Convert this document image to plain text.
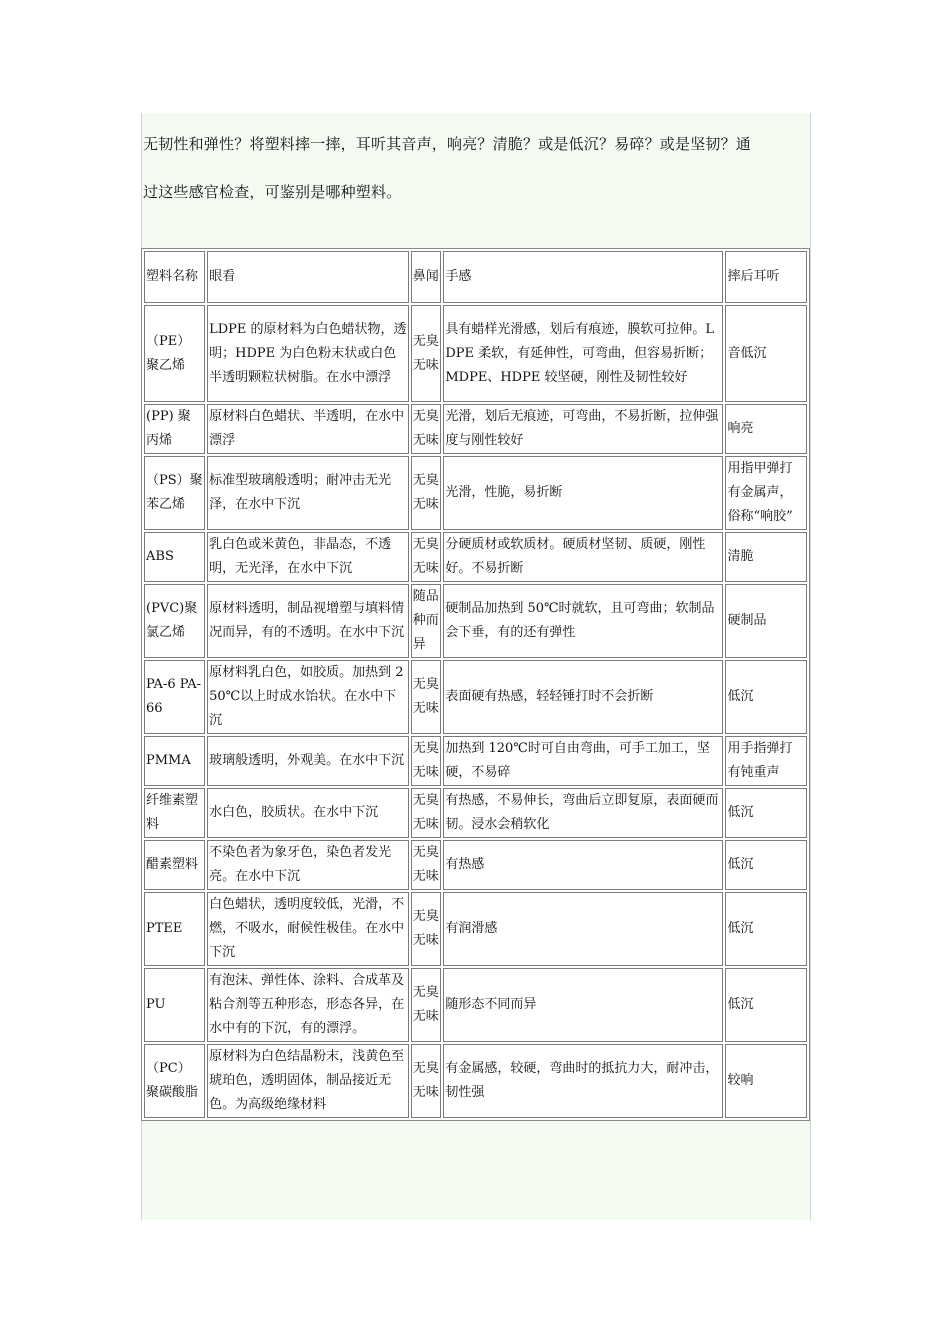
无韧性和弹性？将塑料摔一摔，耳听其音声，响亮？清脆？或是低沉？易碎？或是坚韧？通

过这些感官检查，可鉴别是哪种塑料。

塑料名称	眼看	鼻闻	手感	摔后耳听
（PE）聚乙烯	LDPE 的原材料为白色蜡状物，透明；HDPE 为白色粉末状或白色半透明颗粒状树脂。在水中漂浮	无臭无味	具有蜡样光滑感，划后有痕迹，膜软可拉伸。LDPE 柔软，有延伸性，可弯曲，但容易折断；MDPE、HDPE 较坚硬，刚性及韧性较好	音低沉
(PP) 聚丙烯	原材料白色蜡状、半透明，在水中漂浮	无臭无味	光滑，划后无痕迹，可弯曲，不易折断，拉伸强度与刚性较好	响亮
（PS）聚苯乙烯	标准型玻璃般透明；耐冲击无光泽，在水中下沉	无臭无味	光滑，性脆，易折断	用指甲弹打有金属声，俗称“响胶”
ABS	乳白色或米黄色，非晶态，不透明，无光泽，在水中下沉	无臭无味	分硬质材或软质材。硬质材坚韧、质硬，刚性好。不易折断	清脆
(PVC)聚氯乙烯	原材料透明，制品视增塑与填料情况而异，有的不透明。在水中下沉	随品种而异	硬制品加热到 50℃时就软，且可弯曲；软制品会下垂，有的还有弹性	硬制品
PA-6 PA-66	原材料乳白色，如胶质。加热到 250℃以上时成水饴状。在水中下沉	无臭无味	表面硬有热感，轻轻锤打时不会折断	低沉
PMMA	玻璃般透明，外观美。在水中下沉	无臭无味	加热到 120℃时可自由弯曲，可手工加工，坚硬，不易碎	用手指弹打有钝重声
纤维素塑料	水白色，胶质状。在水中下沉	无臭无味	有热感，不易伸长，弯曲后立即复原，表面硬而韧。浸水会稍软化	低沉
醋素塑料	不染色者为象牙色，染色者发光亮。在水中下沉	无臭无味	有热感	低沉
PTEE	白色蜡状，透明度较低，光滑，不燃，不吸水，耐候性极佳。在水中下沉	无臭无味	有润滑感	低沉
PU	有泡沫、弹性体、涂料、合成革及粘合剂等五种形态，形态各异，在水中有的下沉，有的漂浮。	无臭无味	随形态不同而异	低沉
（PC）聚碳酸脂	原材料为白色结晶粉末，浅黄色至琥珀色，透明固体，制品接近无色。为高级绝缘材料	无臭无味	有金属感，较硬，弯曲时的抵抗力大，耐冲击，韧性强	较响
